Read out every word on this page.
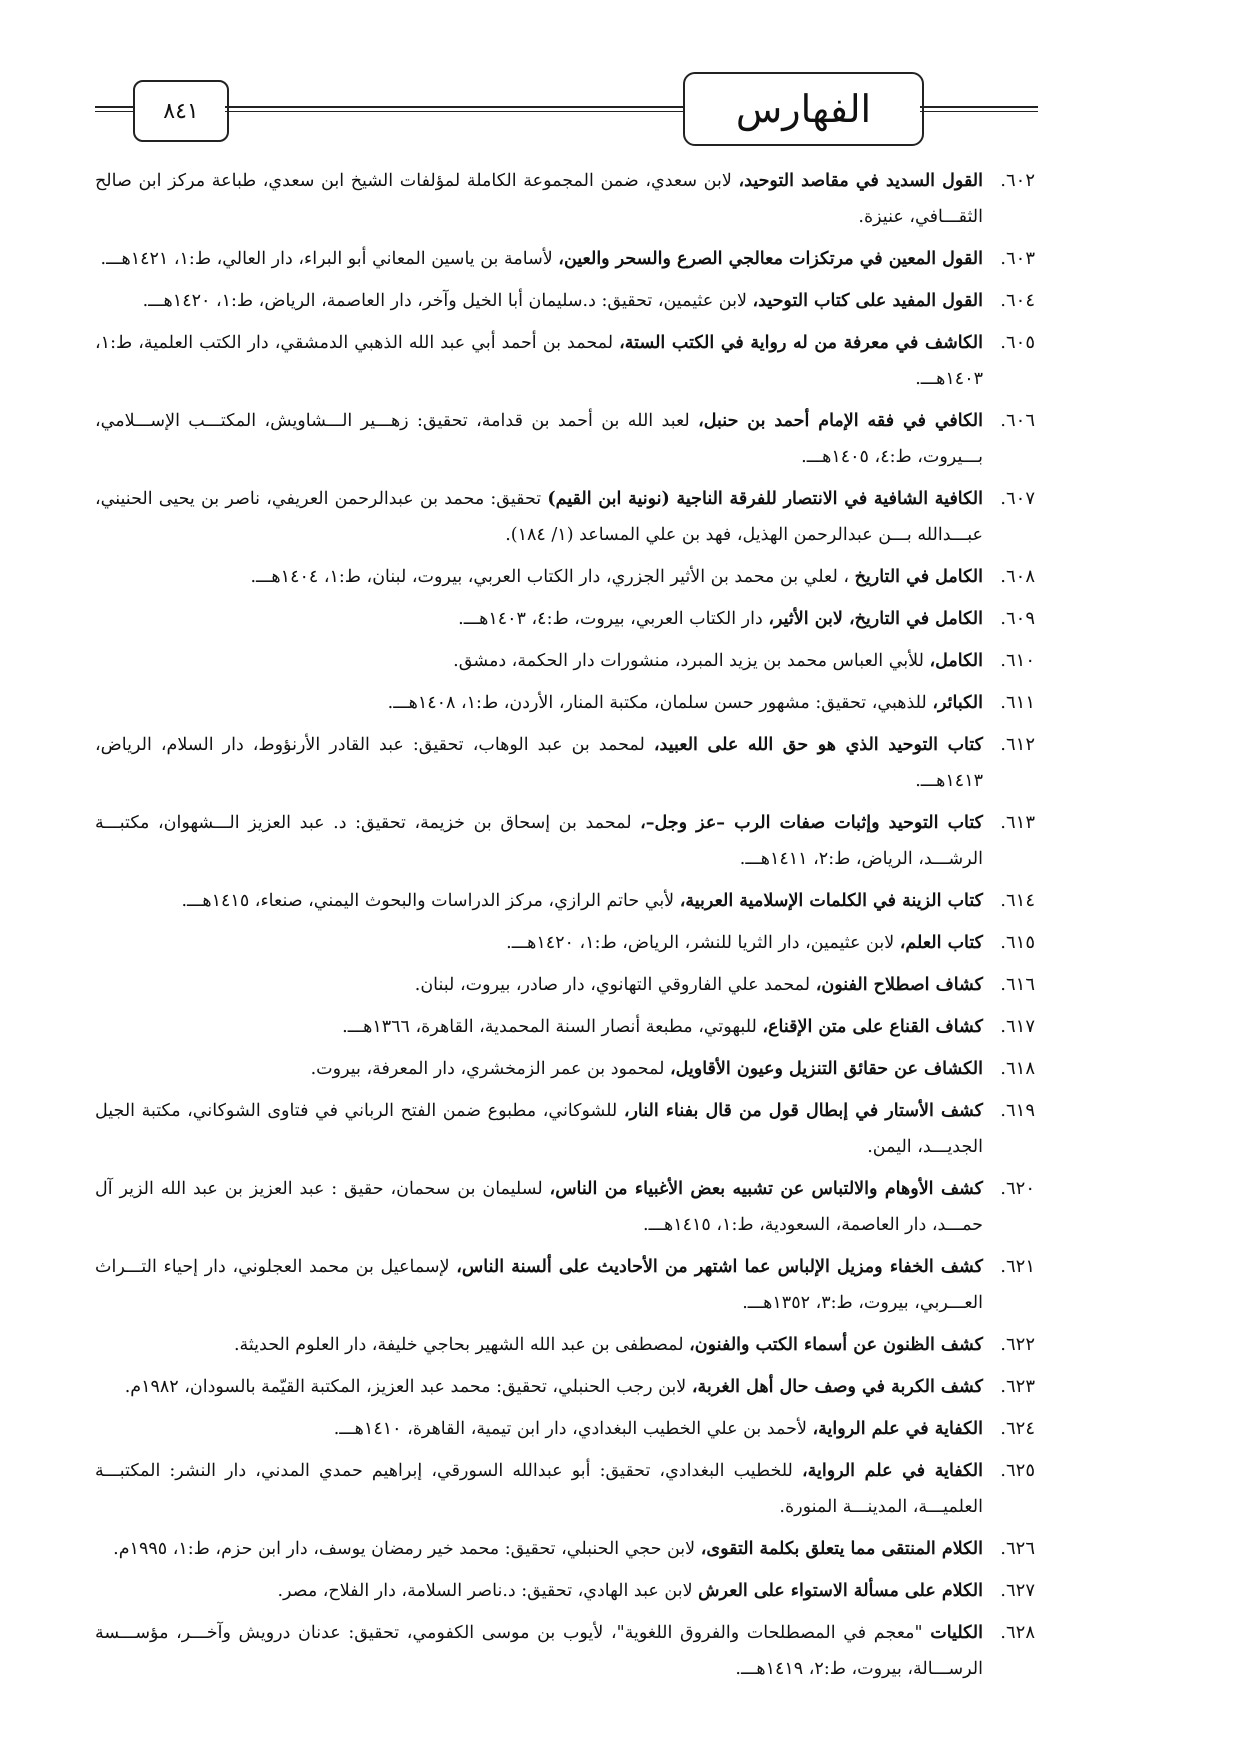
٨٤١	الفهارس
٦٠٢.
القول السديد في مقاصد التوحيد، لابن سعدي، ضمن المجموعة الكاملة لمؤلفات الشيخ ابن سعدي، طباعة مركز ابن صالح الثقـــافي، عنيزة.
٦٠٣.
القول المعين في مرتكزات معالجي الصرع والسحر والعين، لأسامة بن ياسين المعاني أبو البراء، دار العالي، ط:١، ١٤٢١هـــ.
٦٠٤.
القول المفيد على كتاب التوحيد، لابن عثيمين، تحقيق: د.سليمان أبا الخيل وآخر، دار العاصمة، الرياض، ط:١، ١٤٢٠هـــ.
٦٠٥.
الكاشف في معرفة من له رواية في الكتب الستة، لمحمد بن أحمد أبي عبد الله الذهبي الدمشقي، دار الكتب العلمية، ط:١، ١٤٠٣هـــ.
٦٠٦.
الكافي في فقه الإمام أحمد بن حنبل، لعبد الله بن أحمد بن قدامة، تحقيق: زهـــير الـــشاويش، المكتـــب الإســـلامي، بـــيروت، ط:٤، ١٤٠٥هـــ.
٦٠٧.
الكافية الشافية في الانتصار للفرقة الناجية (نونية ابن القيم) تحقيق: محمد بن عبدالرحمن العريفي، ناصر بن يحيى الحنيني، عبـــدالله بـــن عبدالرحمن الهذيل، فهد بن علي المساعد (١/ ١٨٤).
٦٠٨.
الكامل في التاريخ ، لعلي بن محمد بن الأثير الجزري، دار الكتاب العربي، بيروت، لبنان، ط:١، ١٤٠٤هـــ.
٦٠٩.
الكامل في التاريخ، لابن الأثير، دار الكتاب العربي، بيروت، ط:٤، ١٤٠٣هـــ.
٦١٠.
الكامل، للأبي العباس محمد بن يزيد المبرد، منشورات دار الحكمة، دمشق.
٦١١.
الكبائر، للذهبي، تحقيق: مشهور حسن سلمان، مكتبة المنار، الأردن، ط:١، ١٤٠٨هـــ.
٦١٢.
كتاب التوحيد الذي هو حق الله على العبيد، لمحمد بن عبد الوهاب، تحقيق: عبد القادر الأرنؤوط، دار السلام، الرياض، ١٤١٣هـــ.
٦١٣.
كتاب التوحيد وإثبات صفات الرب –عز وجل–، لمحمد بن إسحاق بن خزيمة، تحقيق: د. عبد العزيز الـــشهوان، مكتبـــة الرشـــد، الرياض، ط:٢، ١٤١١هـــ.
٦١٤.
كتاب الزينة في الكلمات الإسلامية العربية، لأبي حاتم الرازي، مركز الدراسات والبحوث اليمني، صنعاء، ١٤١٥هـــ.
٦١٥.
كتاب العلم، لابن عثيمين، دار الثريا للنشر، الرياض، ط:١، ١٤٢٠هـــ.
٦١٦.
كشاف اصطلاح الفنون، لمحمد علي الفاروقي التهانوي، دار صادر، بيروت، لبنان.
٦١٧.
كشاف القناع على متن الإقناع، للبهوتي، مطبعة أنصار السنة المحمدية، القاهرة، ١٣٦٦هـــ.
٦١٨.
الكشاف عن حقائق التنزيل وعيون الأقاويل، لمحمود بن عمر الزمخشري، دار المعرفة، بيروت.
٦١٩.
كشف الأستار في إبطال قول من قال بفناء النار، للشوكاني، مطبوع ضمن الفتح الرباني في فتاوى الشوكاني، مكتبة الجيل الجديـــد، اليمن.
٦٢٠.
كشف الأوهام والالتباس عن تشبيه بعض الأغبياء من الناس، لسليمان بن سحمان، حقيق : عبد العزيز بن عبد الله الزير آل حمـــد، دار العاصمة، السعودية، ط:١، ١٤١٥هـــ.
٦٢١.
كشف الخفاء ومزيل الإلباس عما اشتهر من الأحاديث على ألسنة الناس، لإسماعيل بن محمد العجلوني، دار إحياء التـــراث العـــربي، بيروت، ط:٣، ١٣٥٢هـــ.
٦٢٢.
كشف الظنون عن أسماء الكتب والفنون، لمصطفى بن عبد الله الشهير بحاجي خليفة، دار العلوم الحديثة.
٦٢٣.
كشف الكربة في وصف حال أهل الغربة، لابن رجب الحنبلي، تحقيق: محمد عبد العزيز، المكتبة القيّمة بالسودان، ١٩٨٢م.
٦٢٤.
الكفاية في علم الرواية، لأحمد بن علي الخطيب البغدادي، دار ابن تيمية، القاهرة، ١٤١٠هـــ.
٦٢٥.
الكفاية في علم الرواية، للخطيب البغدادي، تحقيق: أبو عبدالله السورقي، إبراهيم حمدي المدني، دار النشر: المكتبـــة العلميـــة، المدينـــة المنورة.
٦٢٦.
الكلام المنتقى مما يتعلق بكلمة التقوى، لابن حجي الحنبلي، تحقيق: محمد خير رمضان يوسف، دار ابن حزم، ط:١، ١٩٩٥م.
٦٢٧.
الكلام على مسألة الاستواء على العرش لابن عبد الهادي، تحقيق: د.ناصر السلامة، دار الفلاح، مصر.
٦٢٨.
الكليات "معجم في المصطلحات والفروق اللغوية"، لأيوب بن موسى الكفومي، تحقيق: عدنان درويش وآخـــر، مؤســـسة الرســـالة، بيروت، ط:٢، ١٤١٩هـــ.
